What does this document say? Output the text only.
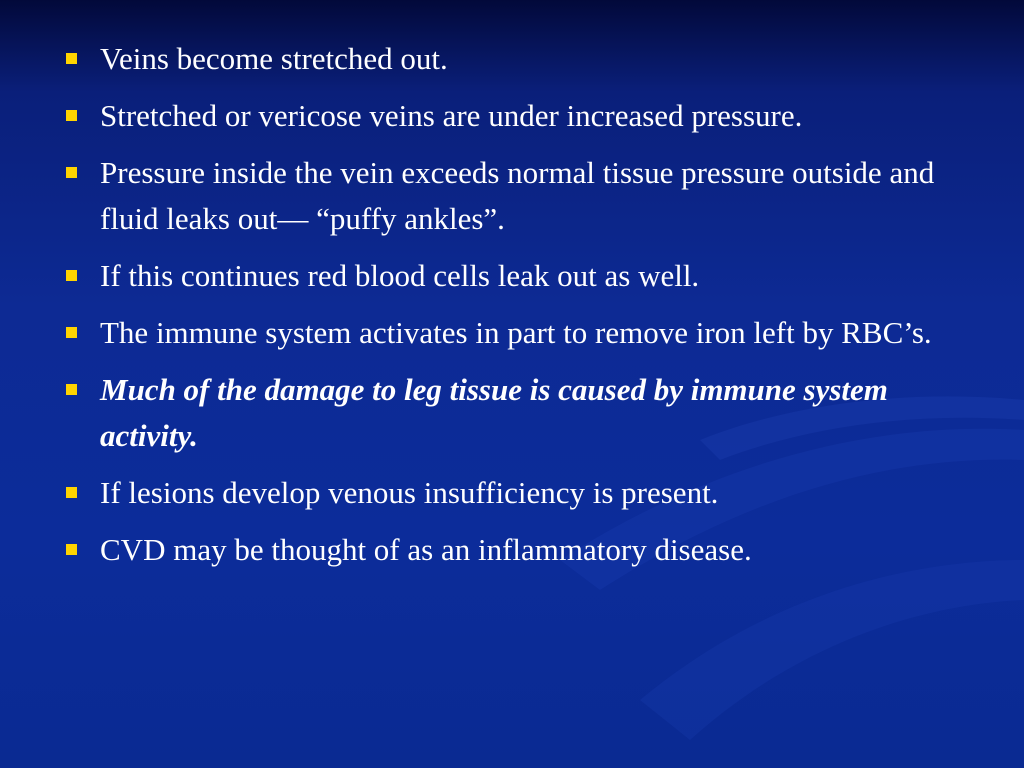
Veins become stretched out.
Stretched or vericose veins are under increased pressure.
Pressure inside the vein exceeds normal tissue pressure outside and fluid leaks out— “puffy ankles”.
If this continues red blood cells leak out as well.
The immune system activates in part to remove iron left by RBC’s.
Much of the damage to leg tissue is caused by immune system activity.
If lesions develop venous insufficiency is present.
CVD may be thought of as an inflammatory disease.
